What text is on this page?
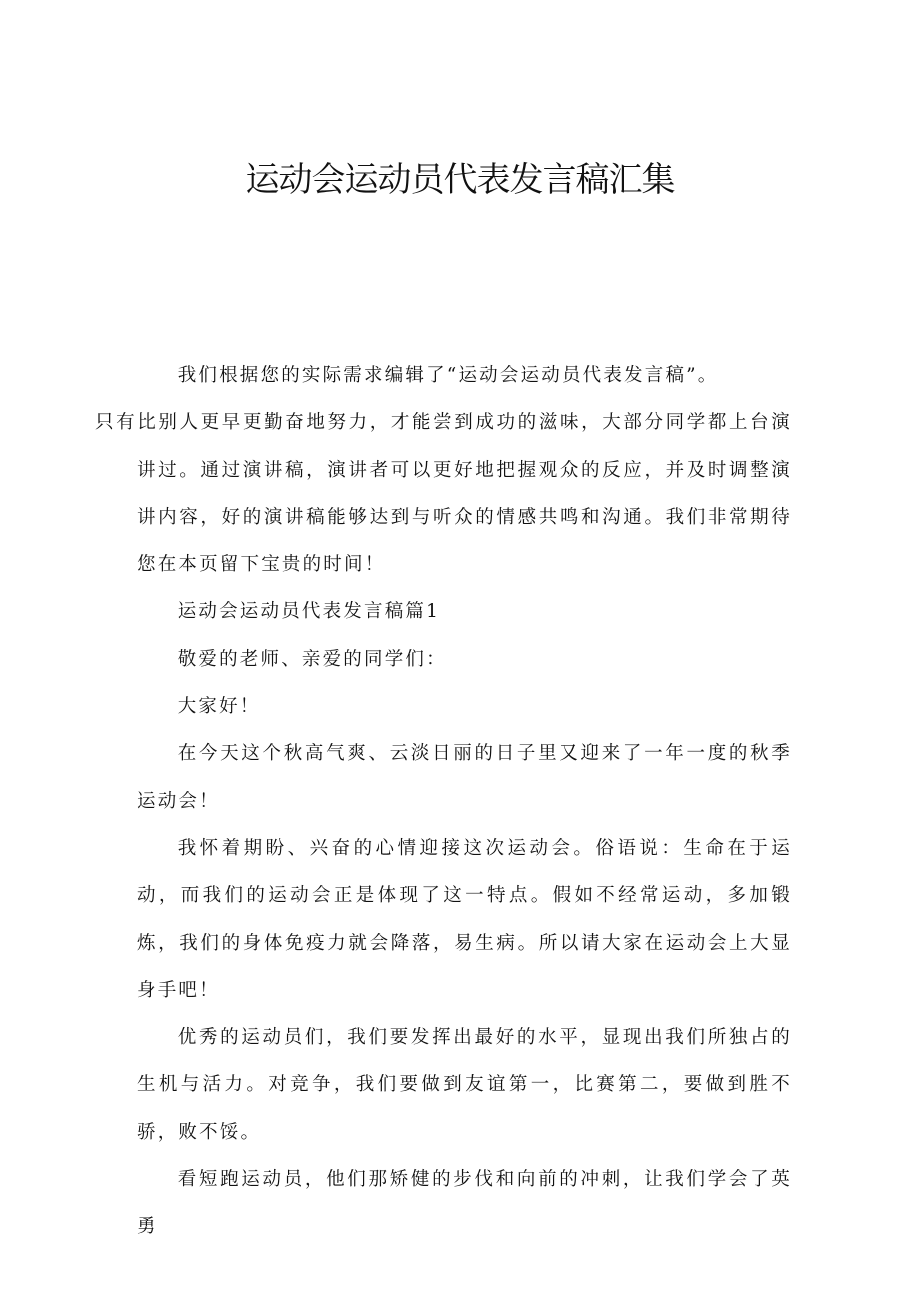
运动会运动员代表发言稿汇集

我们根据您的实际需求编辑了“运动会运动员代表发言稿”。

只有比别人更早更勤奋地努力，才能尝到成功的滋味，大部分同学都上台演讲过。通过演讲稿，演讲者可以更好地把握观众的反应，并及时调整演讲内容，好的演讲稿能够达到与听众的情感共鸣和沟通。我们非常期待您在本页留下宝贵的时间！

运动会运动员代表发言稿篇1

敬爱的老师、亲爱的同学们：

大家好！

在今天这个秋高气爽、云淡日丽的日子里又迎来了一年一度的秋季运动会！

我怀着期盼、兴奋的心情迎接这次运动会。俗语说：生命在于运动，而我们的运动会正是体现了这一特点。假如不经常运动，多加锻炼，我们的身体免疫力就会降落，易生病。所以请大家在运动会上大显身手吧！

优秀的运动员们，我们要发挥出最好的水平，显现出我们所独占的生机与活力。对竞争，我们要做到友谊第一，比赛第二，要做到胜不骄，败不馁。

看短跑运动员，他们那矫健的步伐和向前的冲刺，让我们学会了英勇
